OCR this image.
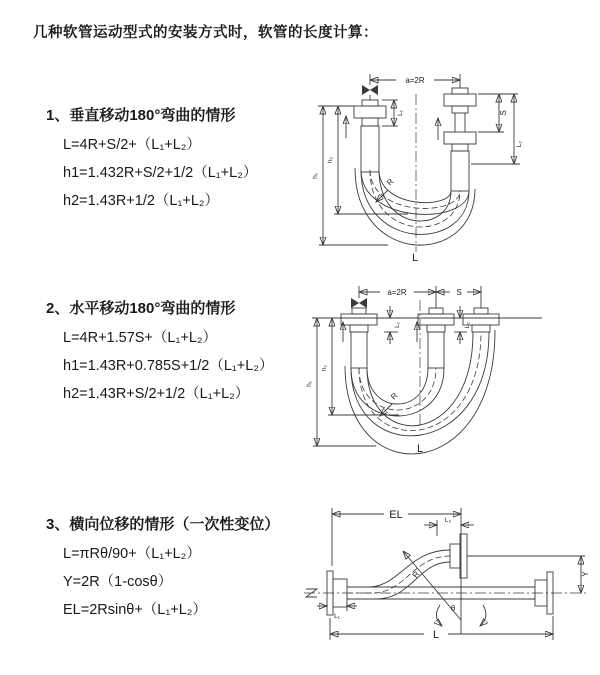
几种软管运动型式的安装方式时，软管的长度计算：
1、垂直移动180°弯曲的情形
L=4R+S/2+（L₁+L₂）
h1=1.432R+S/2+1/2（L₁+L₂）
h2=1.43R+1/2（L₁+L₂）
2、水平移动180°弯曲的情形
L=4R+1.57S+（L₁+L₂）
h1=1.43R+0.785S+1/2（L₁+L₂）
h2=1.43R+S/2+1/2（L₁+L₂）
3、横向位移的情形（一次性变位）
L=πRθ/90+（L₁+L₂）
Y=2R（1-cosθ）
EL=2Rsinθ+（L₁+L₂）
a=2R
L₁	S
L₂
h₂
h₁
R
L
a=2R	S
L₁	L₂
h₂
h₁
R
L
EL	L₂
Y
R
θ
L
L₁
